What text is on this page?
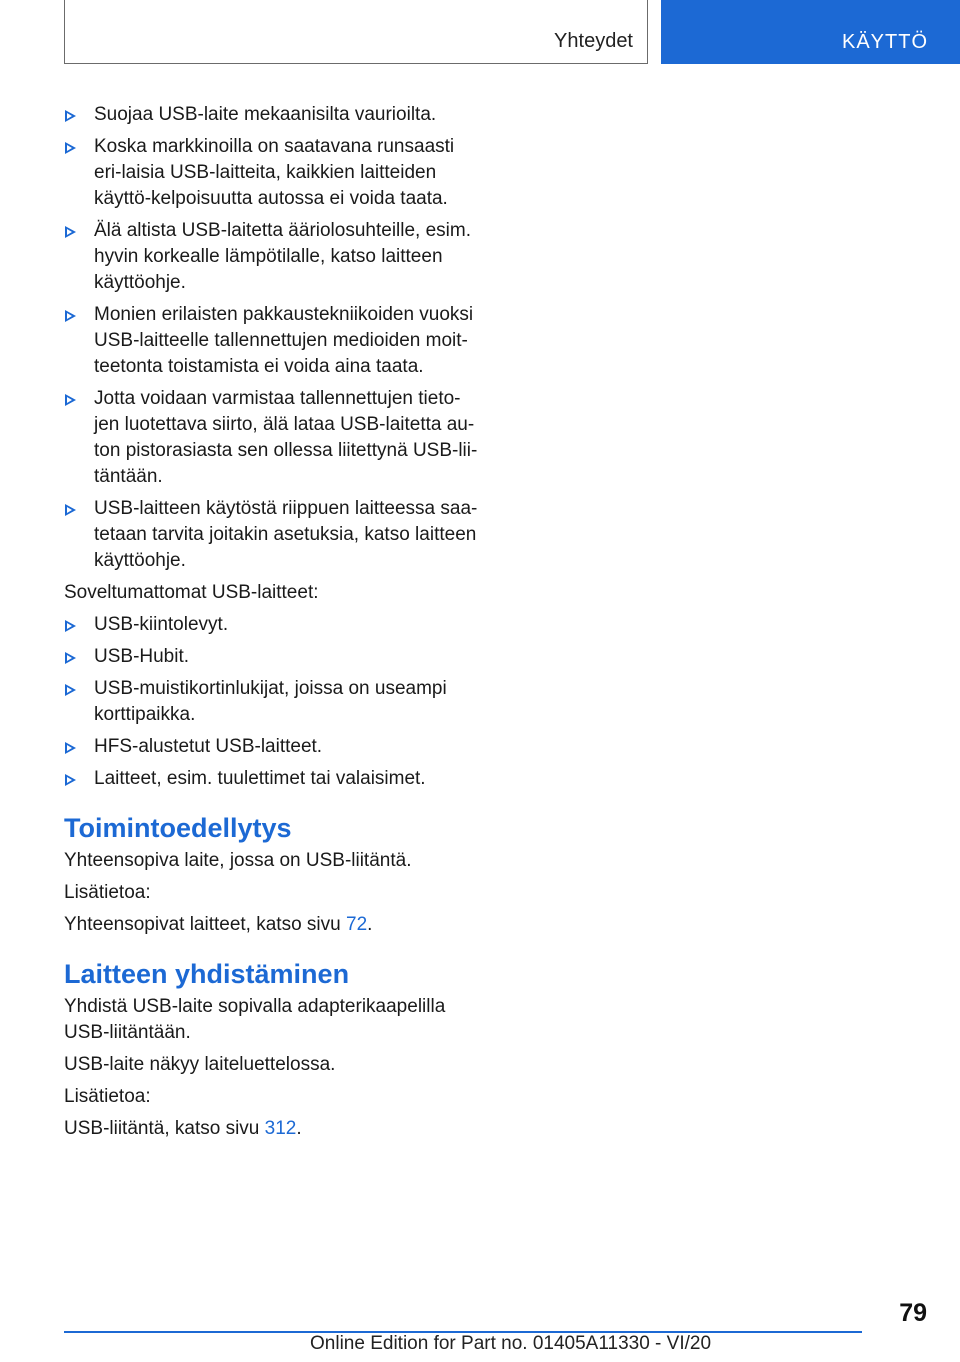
Yhteydet	KÄYTTÖ
Suojaa USB-laite mekaanisilta vaurioilta.
Koska markkinoilla on saatavana runsaasti eri-laisia USB-laitteita, kaikkien laitteiden käyttö-kelpoisuutta autossa ei voida taata.
Älä altista USB-laitetta ääriolosuhteille, esim. hyvin korkealle lämpötilalle, katso laitteen käyttöohje.
Monien erilaisten pakkaustekniikoiden vuoksi USB-laitteelle tallennettujen medioiden moit-teetonta toistamista ei voida aina taata.
Jotta voidaan varmistaa tallennettujen tieto-jen luotettava siirto, älä lataa USB-laitetta au-ton pistorasiasta sen ollessa liitettynä USB-lii-täntään.
USB-laitteen käytöstä riippuen laitteessa saa-tetaan tarvita joitakin asetuksia, katso laitteen käyttöohje.

Soveltumattomat USB-laitteet:

USB-kiintolevyt.
USB-Hubit.
USB-muistikortinlukijat, joissa on useampi korttipaikka.
HFS-alustetut USB-laitteet.
Laitteet, esim. tuulettimet tai valaisimet.
Toimintoedellytys

Yhteensopiva laite, jossa on USB-liitäntä.

Lisätietoa:

Yhteensopivat laitteet, katso sivu 72.

Laitteen yhdistäminen

Yhdistä USB-laite sopivalla adapterikaapelilla USB-liitäntään.

USB-laite näkyy laiteluettelossa.

Lisätietoa:

USB-liitäntä, katso sivu 312.

79
Online Edition for Part no. 01405A11330 - VI/20
